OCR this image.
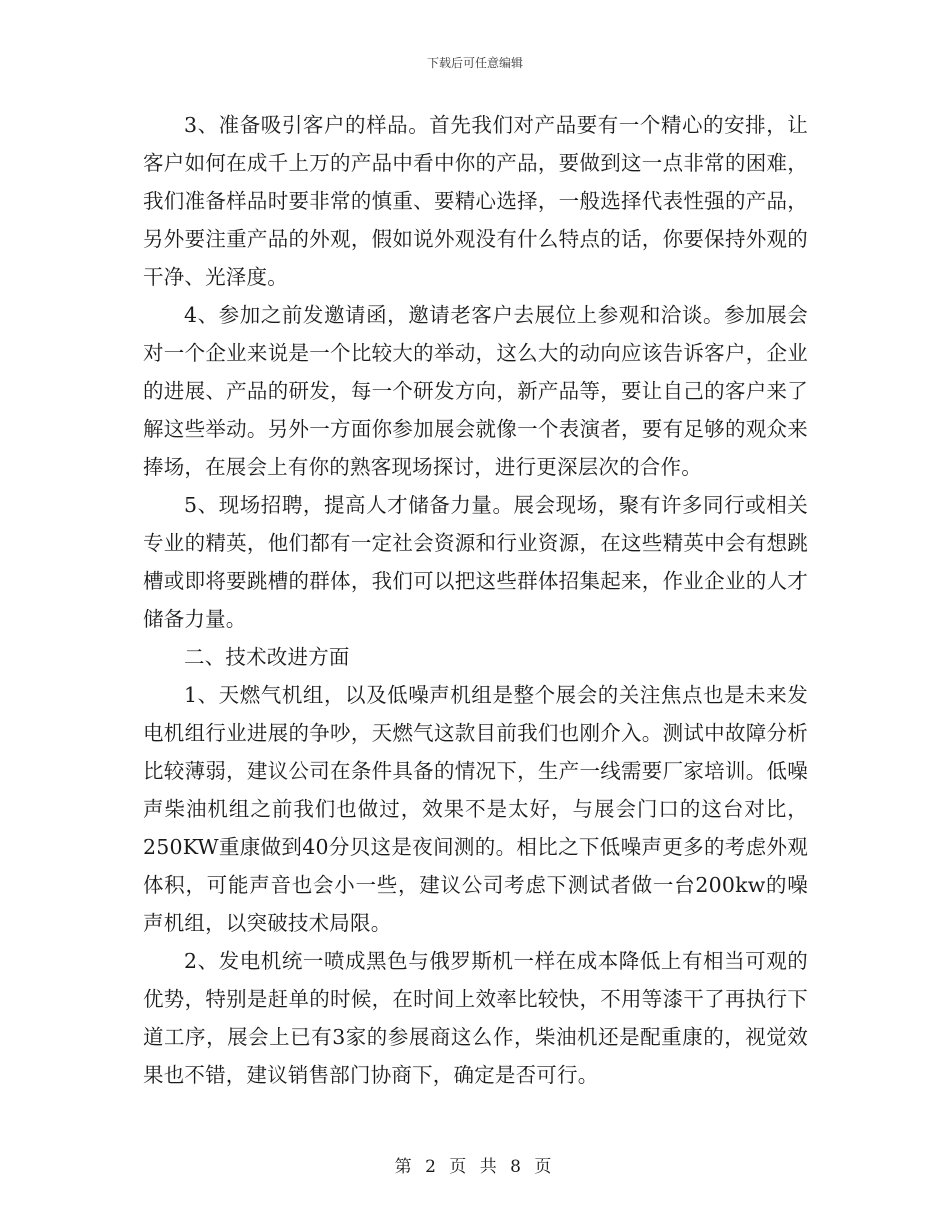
下载后可任意编辑

3、准备吸引客户的样品。首先我们对产品要有一个精心的安排，让客户如何在成千上万的产品中看中你的产品，要做到这一点非常的困难，我们准备样品时要非常的慎重、要精心选择，一般选择代表性强的产品，另外要注重产品的外观，假如说外观没有什么特点的话，你要保持外观的干净、光泽度。

4、参加之前发邀请函，邀请老客户去展位上参观和洽谈。参加展会对一个企业来说是一个比较大的举动，这么大的动向应该告诉客户，企业的进展、产品的研发，每一个研发方向，新产品等，要让自己的客户来了解这些举动。另外一方面你参加展会就像一个表演者，要有足够的观众来捧场，在展会上有你的熟客现场探讨，进行更深层次的合作。

5、现场招聘，提高人才储备力量。展会现场，聚有许多同行或相关专业的精英，他们都有一定社会资源和行业资源，在这些精英中会有想跳槽或即将要跳槽的群体，我们可以把这些群体招集起来，作业企业的人才储备力量。

二、技术改进方面

1、天燃气机组，以及低噪声机组是整个展会的关注焦点也是未来发电机组行业进展的争吵，天燃气这款目前我们也刚介入。测试中故障分析比较薄弱，建议公司在条件具备的情况下，生产一线需要厂家培训。低噪声柴油机组之前我们也做过，效果不是太好，与展会门口的这台对比，250KW重康做到40分贝这是夜间测的。相比之下低噪声更多的考虑外观体积，可能声音也会小一些，建议公司考虑下测试者做一台200kw的噪声机组，以突破技术局限。

2、发电机统一喷成黑色与俄罗斯机一样在成本降低上有相当可观的优势，特别是赶单的时候，在时间上效率比较快，不用等漆干了再执行下道工序，展会上已有3家的参展商这么作，柴油机还是配重康的，视觉效果也不错，建议销售部门协商下，确定是否可行。

第 2 页 共 8 页
